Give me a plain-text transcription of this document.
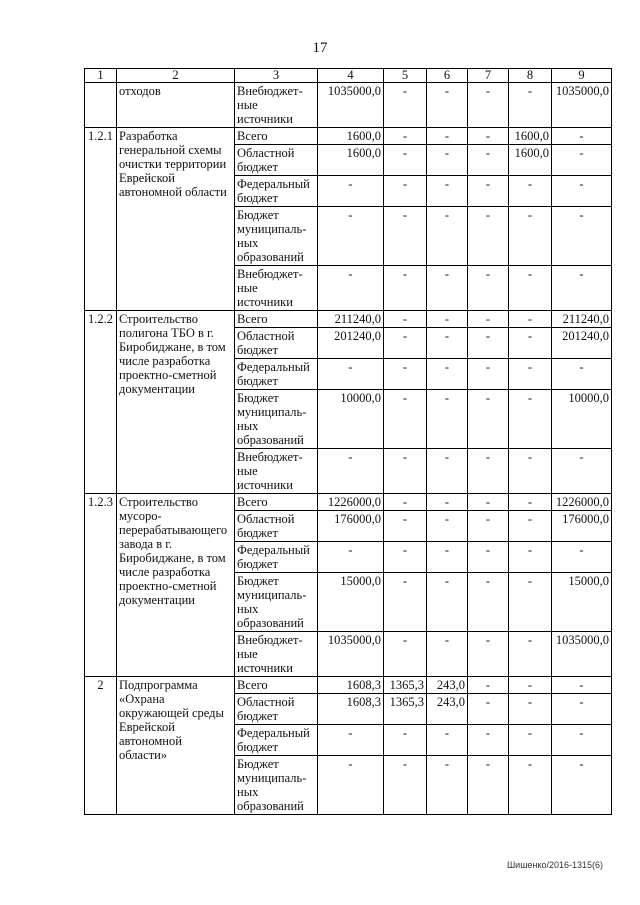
17
1	2	3	4	5	6	7	8	9
	отходов	Внебюджет-ные источники	1035000,0	-	-	-	-	1035000,0
1.2.1	Разработка генеральной схемы очистки территории Еврейской автономной области	Всего	1600,0	-	-	-	1600,0	-
		Областной бюджет	1600,0	-	-	-	1600,0	-
		Федеральный бюджет	-	-	-	-	-	-
		Бюджет муниципаль-ных образований	-	-	-	-	-	-
		Внебюджет-ные источники	-	-	-	-	-	-
1.2.2	Строительство полигона ТБО в г. Биробиджане, в том числе разработка проектно-сметной документации	Всего	211240,0	-	-	-	-	211240,0
		Областной бюджет	201240,0	-	-	-	-	201240,0
		Федеральный бюджет	-	-	-	-	-	-
		Бюджет муниципаль-ных образований	10000,0	-	-	-	-	10000,0
		Внебюджет-ные источники	-	-	-	-	-	-
1.2.3	Строительство мусоро-перерабатывающего завода в г. Биробиджане, в том числе разработка проектно-сметной документации	Всего	1226000,0	-	-	-	-	1226000,0
		Областной бюджет	176000,0	-	-	-	-	176000,0
		Федеральный бюджет	-	-	-	-	-	-
		Бюджет муниципаль-ных образований	15000,0	-	-	-	-	15000,0
		Внебюджет-ные источники	1035000,0	-	-	-	-	1035000,0
2	Подпрограмма «Охрана окружающей среды Еврейской автономной области»	Всего	1608,3	1365,3	243,0	-	-	-
		Областной бюджет	1608,3	1365,3	243,0	-	-	-
		Федеральный бюджет	-	-	-	-	-	-
		Бюджет муниципаль-ных образований	-	-	-	-	-	-
Шишенко/2016-1315(6)
